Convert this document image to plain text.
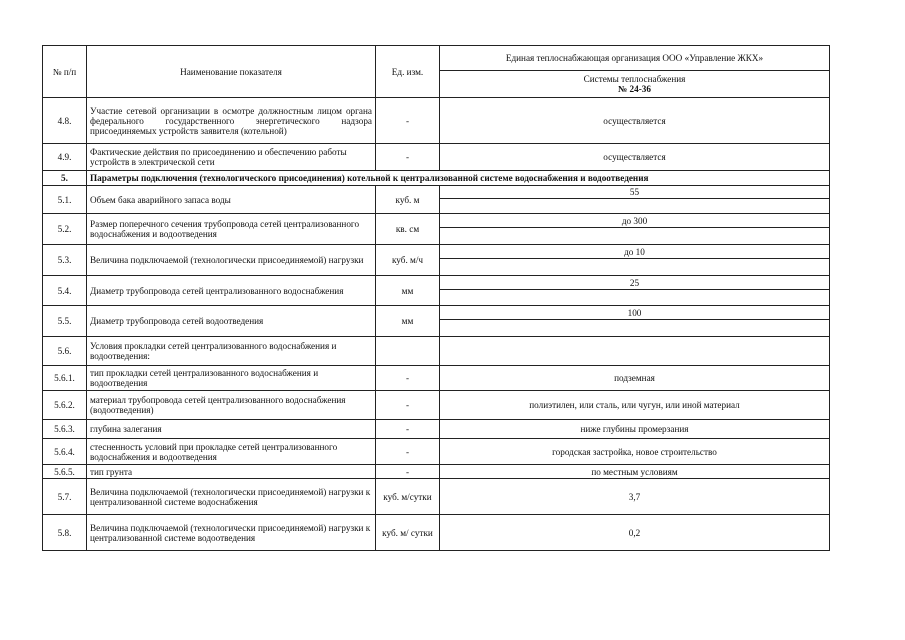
№ п/п	Наименование показателя	Ед. изм.	Единая теплоснабжающая организация ООО «Управление ЖКХ»

			Системы теплоснабжения
№ 24-36

4.8.	Участие сетевой организации в осмотре должностным лицом органа федерального государственного энергетического надзора присоединяемых устройств заявителя (котельной)	-	осуществляется
4.9.	Фактические действия по присоединению и обеспечению работы устройств в электрической сети	-	осуществляется
5.	Параметры подключения (технологического присоединения) котельной к централизованной системе водоснабжения и водоотведения		
5.1.	Объем бака аварийного запаса воды	куб. м	55

5.2.	Размер поперечного сечения трубопровода сетей централизованного водоснабжения и водоотведения	кв. см	до 300

5.3.	Величина подключаемой (технологически присоединяемой) нагрузки	куб. м/ч	до 10

5.4.	Диаметр трубопровода сетей централизованного водоснабжения	мм	25

5.5.	Диаметр трубопровода сетей водоотведения	мм	100

5.6.	Условия прокладки сетей централизованного водоснабжения и водоотведения:		
5.6.1.	тип прокладки сетей централизованного водоснабжения и водоотведения	-	подземная
5.6.2.	материал трубопровода сетей централизованного водоснабжения (водоотведения)	-	полиэтилен, или сталь, или чугун, или иной материал
5.6.3.	глубина залегания	-	ниже глубины промерзания
5.6.4.	стесненность условий при прокладке сетей централизованного водоснабжения и водоотведения	-	городская застройка, новое строительство
5.6.5.	тип грунта	-	по местным условиям
5.7.	Величина подключаемой (технологически присоединяемой) нагрузки к централизованной системе водоснабжения	куб. м/сутки	3,7
5.8.	Величина подключаемой (технологически присоединяемой) нагрузки к централизованной системе водоотведения	куб. м/ сутки	0,2
